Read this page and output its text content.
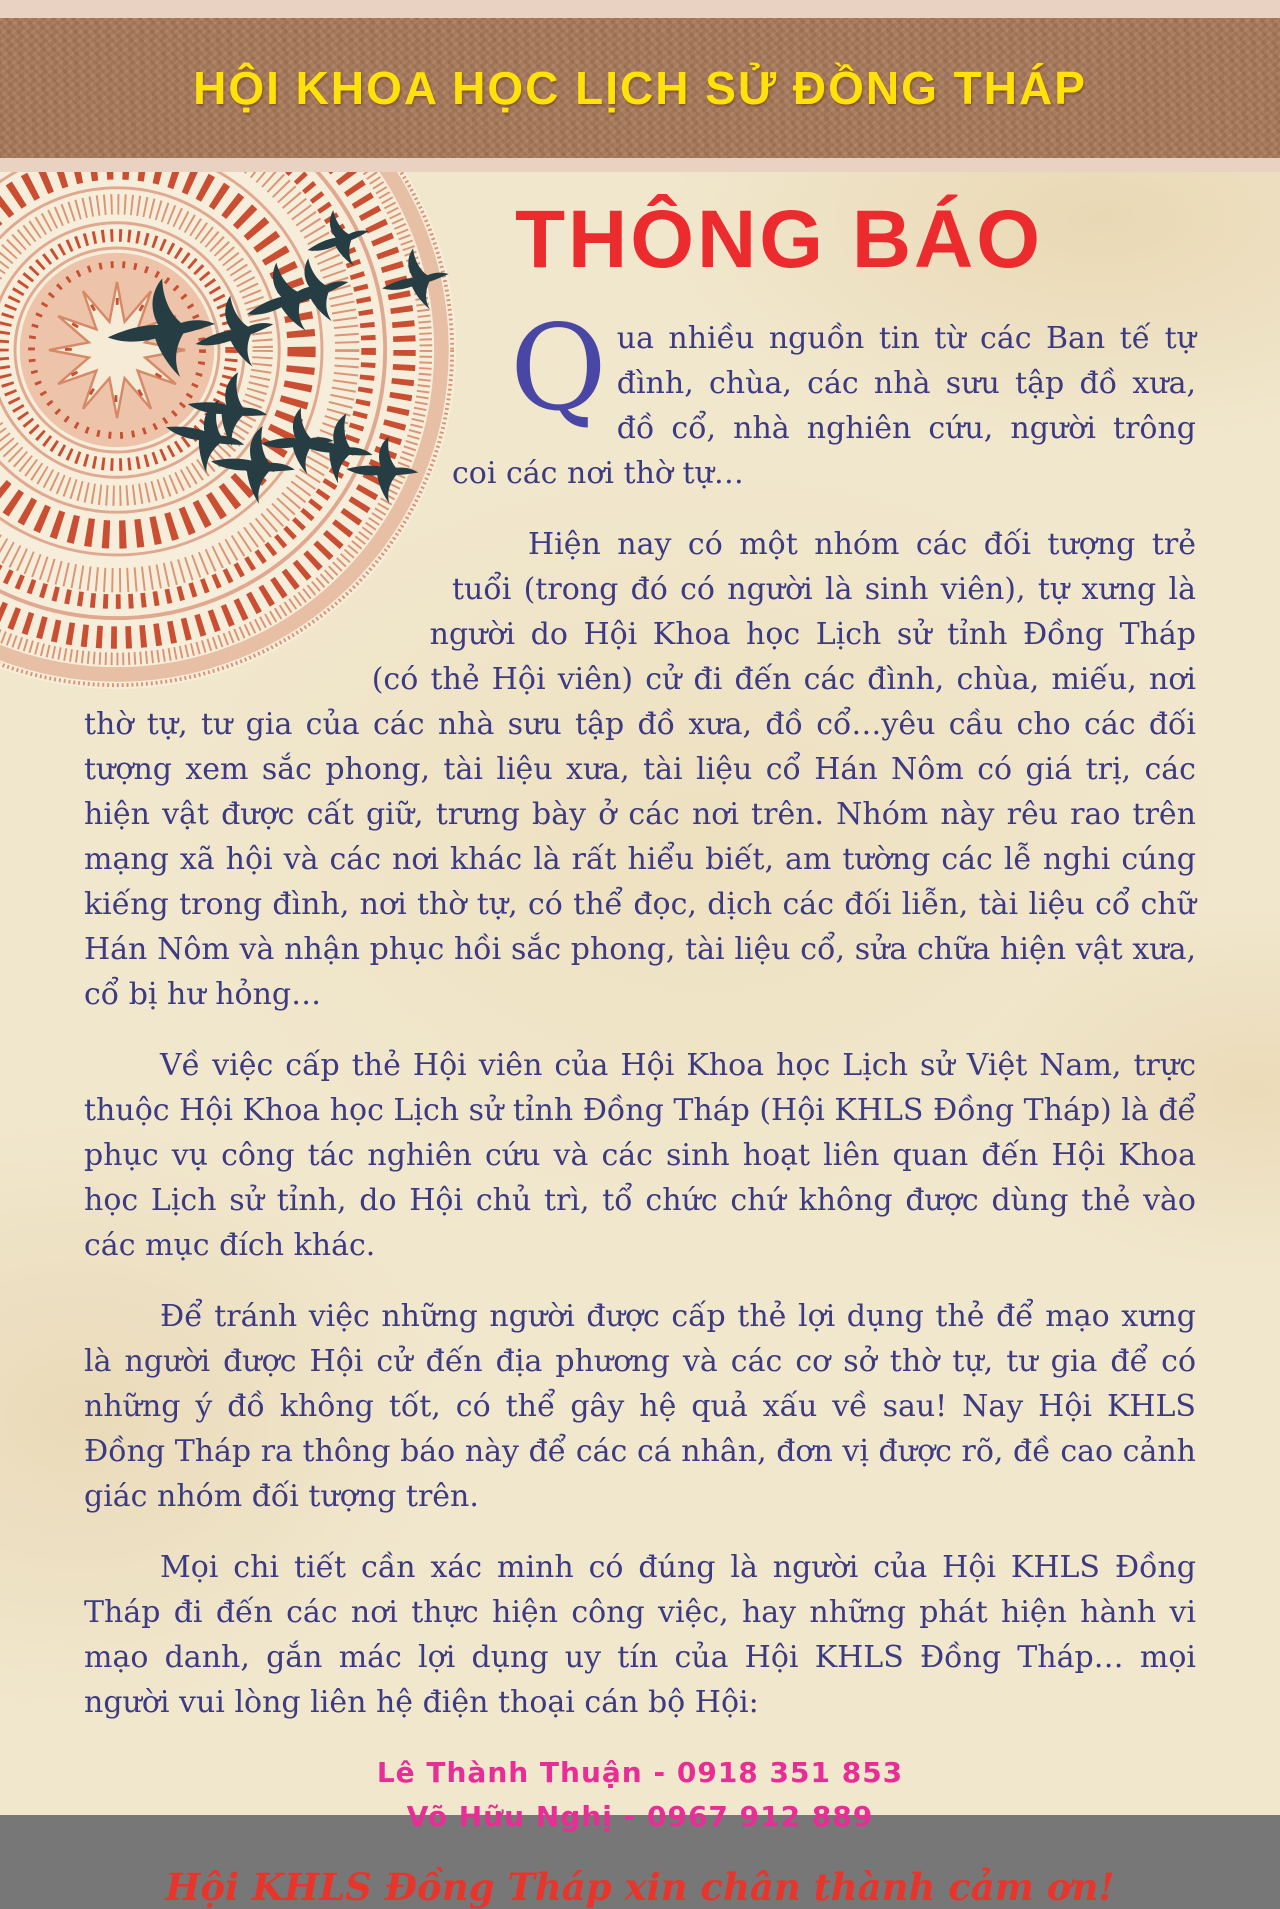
HỘI KHOA HỌC LỊCH SỬ ĐỒNG THÁP
THÔNG BÁO

Qua nhiều nguồn tin từ các Ban tế tự đình, chùa, các nhà sưu tập đồ xưa, đồ cổ, nhà nghiên cứu, người trông coi các nơi thờ tự…

Hiện nay có một nhóm các đối tượng trẻ tuổi (trong đó có người là sinh viên), tự xưng là người do Hội Khoa học Lịch sử tỉnh Đồng Tháp (có thẻ Hội viên) cử đi đến các đình, chùa, miếu, nơi thờ tự, tư gia của các nhà sưu tập đồ xưa, đồ cổ…yêu cầu cho các đối tượng xem sắc phong, tài liệu xưa, tài liệu cổ Hán Nôm có giá trị, các hiện vật được cất giữ, trưng bày ở các nơi trên. Nhóm này rêu rao trên mạng xã hội và các nơi khác là rất hiểu biết, am tường các lễ nghi cúng kiếng trong đình, nơi thờ tự, có thể đọc, dịch các đối liễn, tài liệu cổ chữ Hán Nôm và nhận phục hồi sắc phong, tài liệu cổ, sửa chữa hiện vật xưa, cổ bị hư hỏng…

Về việc cấp thẻ Hội viên của Hội Khoa học Lịch sử Việt Nam, trực thuộc Hội Khoa học Lịch sử tỉnh Đồng Tháp (Hội KHLS Đồng Tháp) là để phục vụ công tác nghiên cứu và các sinh hoạt liên quan đến Hội Khoa học Lịch sử tỉnh, do Hội chủ trì, tổ chức chứ không được dùng thẻ vào các mục đích khác.

Để tránh việc những người được cấp thẻ lợi dụng thẻ để mạo xưng là người được Hội cử đến địa phương và các cơ sở thờ tự, tư gia để có những ý đồ không tốt, có thể gây hệ quả xấu về sau! Nay Hội KHLS Đồng Tháp ra thông báo này để các cá nhân, đơn vị được rõ, đề cao cảnh giác nhóm đối tượng trên.

Mọi chi tiết cần xác minh có đúng là người của Hội KHLS Đồng Tháp đi đến các nơi thực hiện công việc, hay những phát hiện hành vi mạo danh, gắn mác lợi dụng uy tín của Hội KHLS Đồng Tháp… mọi người vui lòng liên hệ điện thoại cán bộ Hội:

Lê Thành Thuận - 0918 351 853
Võ Hữu Nghị - 0967 912 889
Hội KHLS Đồng Tháp xin chân thành cảm ơn!
